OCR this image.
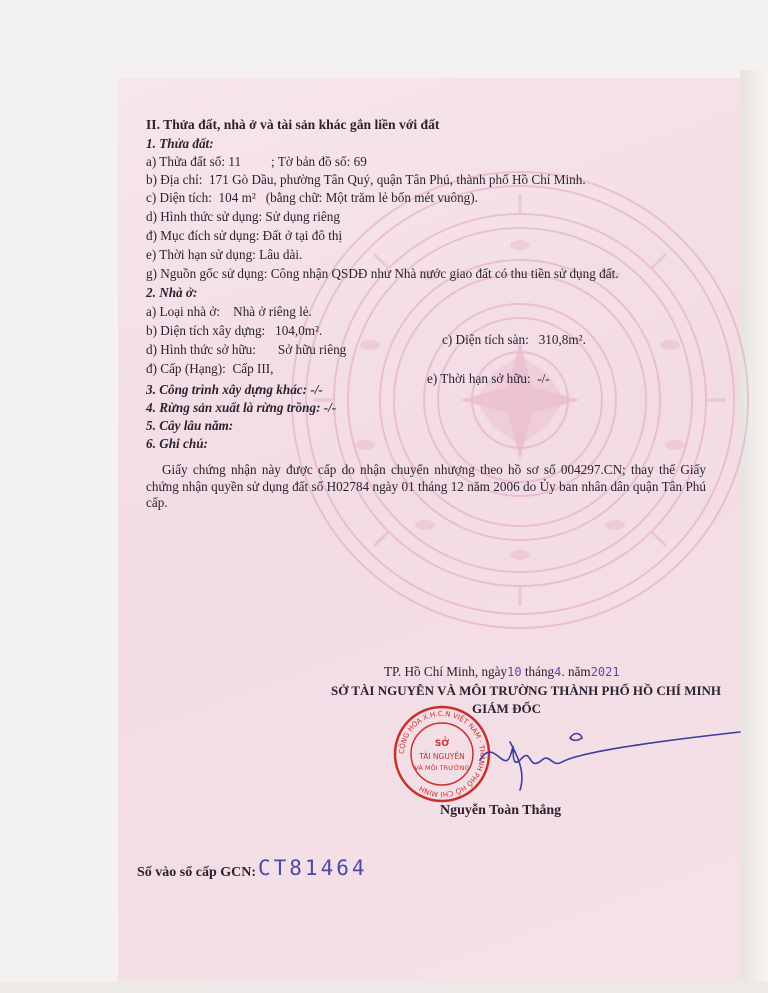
II. Thửa đất, nhà ở và tài sản khác gắn liền với đất
1. Thửa đất:
a) Thửa đất số: 11 ; Tờ bản đồ số: 69
b) Địa chỉ: 171 Gò Dầu, phường Tân Quý, quận Tân Phú, thành phố Hồ Chí Minh.
c) Diện tích: 104 m² (bằng chữ: Một trăm lẻ bốn mét vuông).
d) Hình thức sử dụng: Sử dụng riêng
đ) Mục đích sử dụng: Đất ở tại đô thị
e) Thời hạn sử dụng: Lâu dài.
g) Nguồn gốc sử dụng: Công nhận QSDĐ như Nhà nước giao đất có thu tiền sử dụng đất.
2. Nhà ở:
a) Loại nhà ở: Nhà ở riêng lẻ.
b) Diện tích xây dựng: 104,0m².
c) Diện tích sàn: 310,8m².
d) Hình thức sở hữu: Sở hữu riêng
đ) Cấp (Hạng): Cấp III,
e) Thời hạn sở hữu: -/-
3. Công trình xây dựng khác: -/-
4. Rừng sản xuất là rừng trồng: -/-
5. Cây lâu năm:
6. Ghi chú:
Giấy chứng nhận này được cấp do nhận chuyển nhượng theo hồ sơ số 004297.CN; thay thế Giấy chứng nhận quyền sử dụng đất số H02784 ngày 01 tháng 12 năm 2006 do Ủy ban nhân dân quận Tân Phú cấp.
TP. Hồ Chí Minh, ngày10 tháng4. năm2021
SỞ TÀI NGUYÊN VÀ MÔI TRƯỜNG THÀNH PHỐ HỒ CHÍ MINH
GIÁM ĐỐC
CỘNG HÒA X.H.C.N VIỆT NAM · THÀNH PHỐ HỒ CHÍ MINH
SỞ
TÀI NGUYÊN
VÀ MÔI TRƯỜNG
Nguyễn Toàn Thắng
Số vào sổ cấp GCN: CT81464
